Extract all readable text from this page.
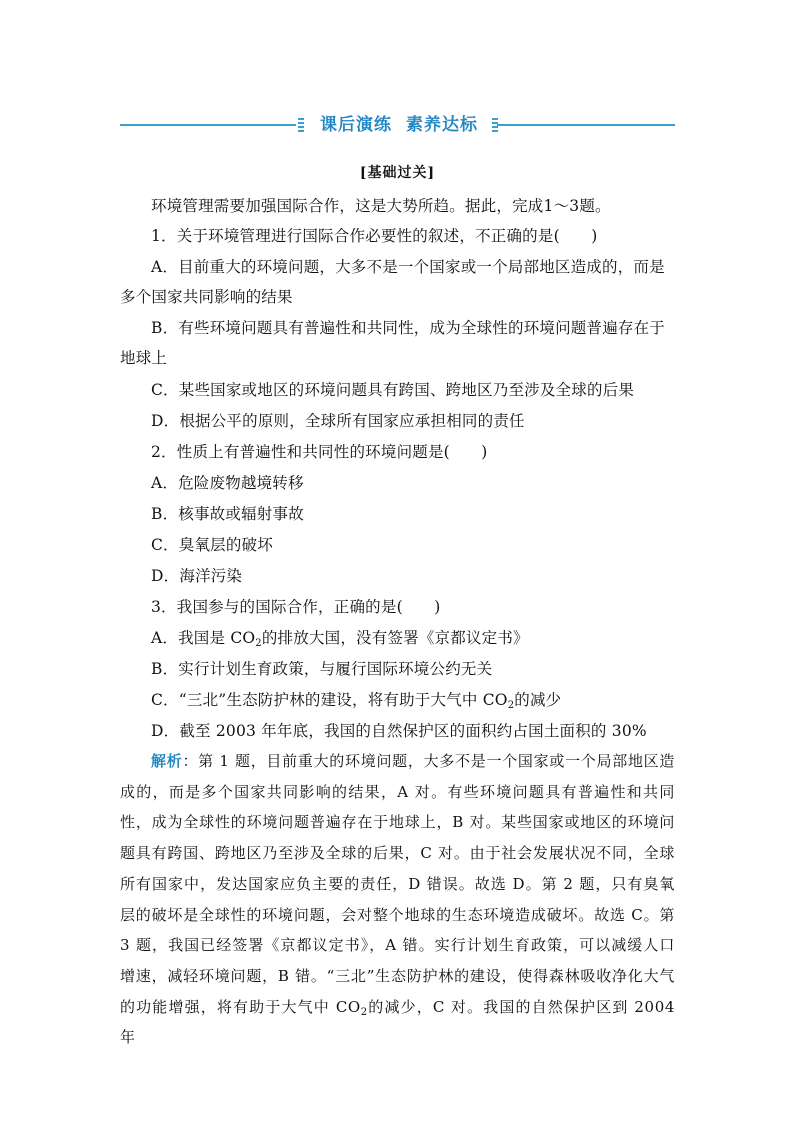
课后演练 素养达标
[基础过关]
环境管理需要加强国际合作，这是大势所趋。据此，完成1～3题。
1．关于环境管理进行国际合作必要性的叙述，不正确的是(　　)
A．目前重大的环境问题，大多不是一个国家或一个局部地区造成的，而是
多个国家共同影响的结果
B．有些环境问题具有普遍性和共同性，成为全球性的环境问题普遍存在于
地球上
C．某些国家或地区的环境问题具有跨国、跨地区乃至涉及全球的后果
D．根据公平的原则，全球所有国家应承担相同的责任
2．性质上有普遍性和共同性的环境问题是(　　)
A．危险废物越境转移
B．核事故或辐射事故
C．臭氧层的破坏
D．海洋污染
3．我国参与的国际合作，正确的是(　　)
A．我国是 $CO_2$的排放大国，没有签署《京都议定书》
B．实行计划生育政策，与履行国际环境公约无关
C．“三北”生态防护林的建设，将有助于大气中 $CO_2$的减少
D．截至 2003 年年底，我国的自然保护区的面积约占国土面积的 30%
解析：第 1 题，目前重大的环境问题，大多不是一个国家或一个局部地区造成的，而是多个国家共同影响的结果，A 对。有些环境问题具有普遍性和共同性，成为全球性的环境问题普遍存在于地球上，B 对。某些国家或地区的环境问题具有跨国、跨地区乃至涉及全球的后果，C 对。由于社会发展状况不同，全球所有国家中，发达国家应负主要的责任，D 错误。故选 D。第 2 题，只有臭氧层的破坏是全球性的环境问题，会对整个地球的生态环境造成破坏。故选 C。第 3 题，我国已经签署《京都议定书》，A 错。实行计划生育政策，可以减缓人口增速，减轻环境问题，B 错。“三北”生态防护林的建设，使得森林吸收净化大气的功能增强，将有助于大气中 $CO_2$的减少，C 对。我国的自然保护区到 2004 年
